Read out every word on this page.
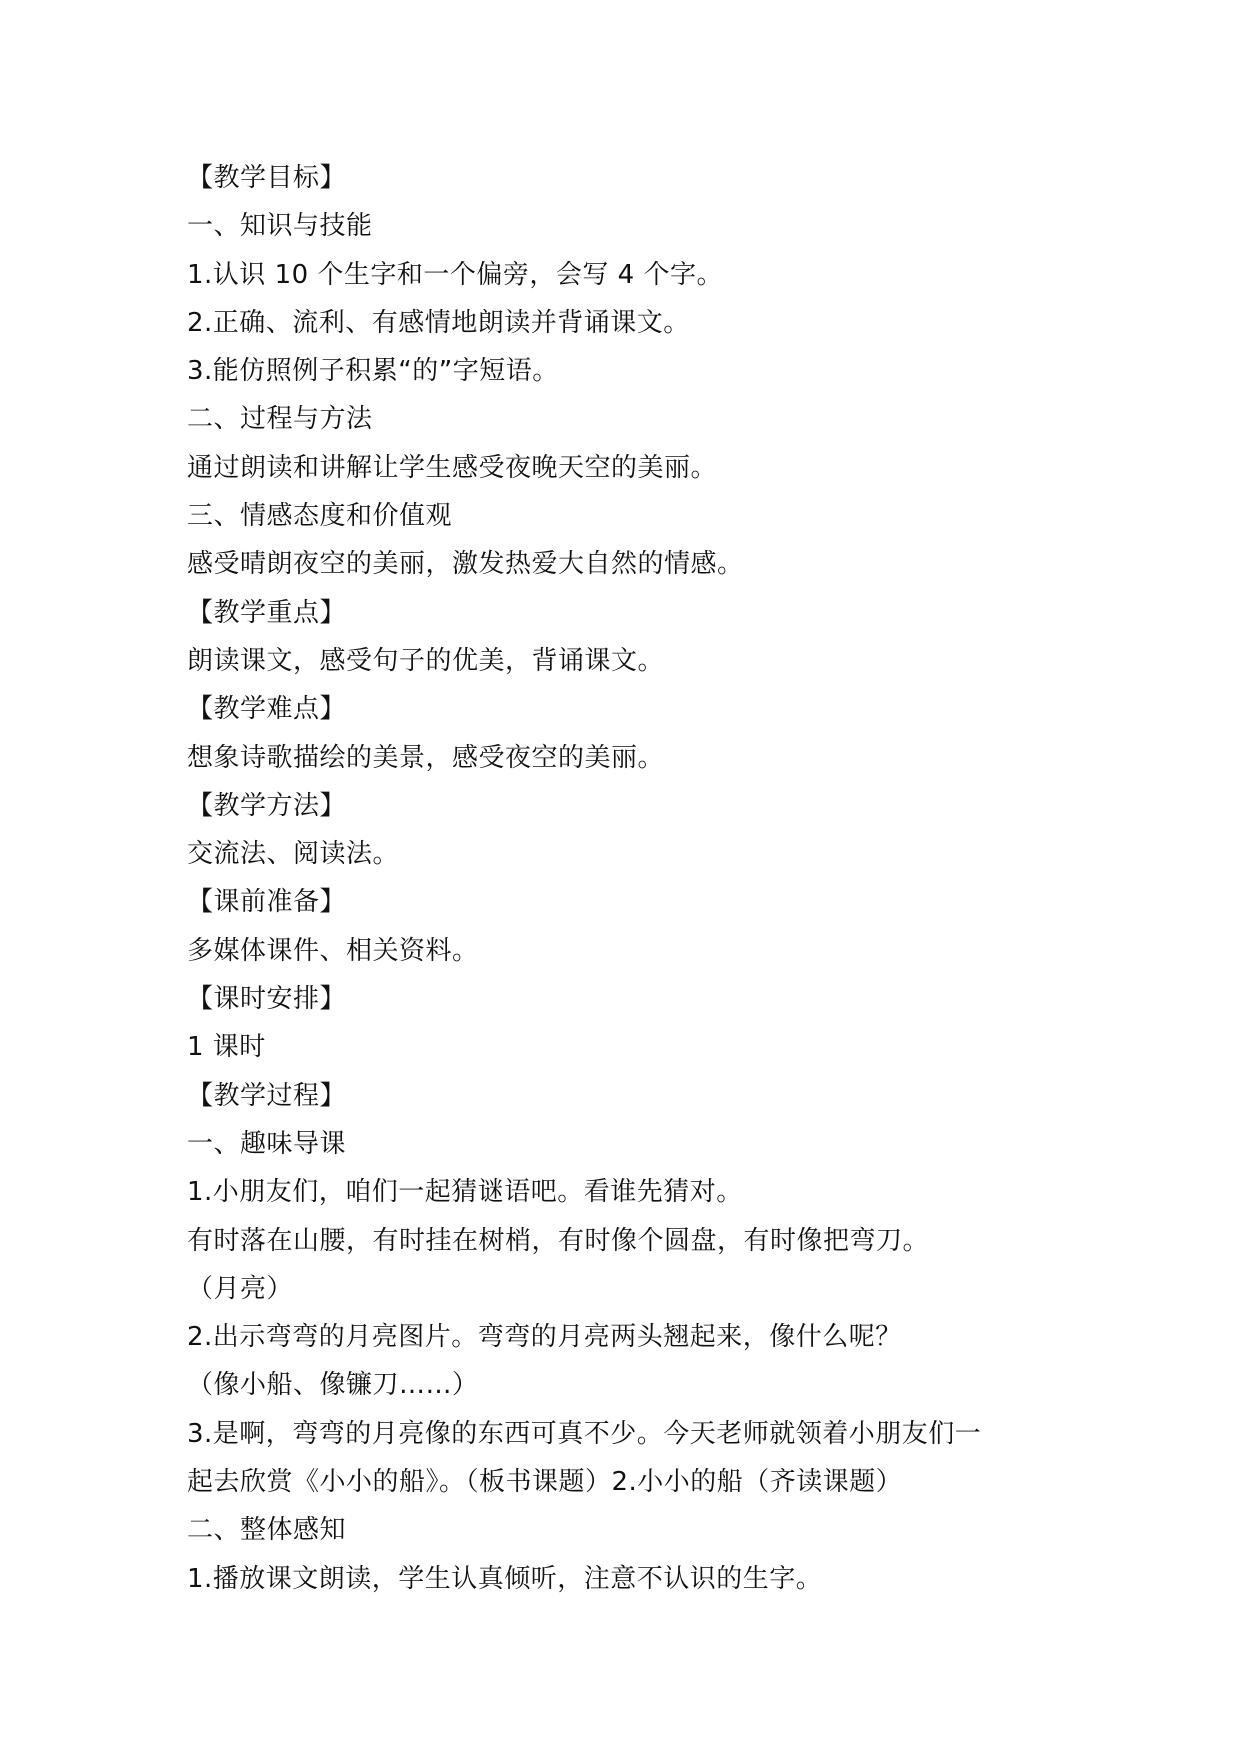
【教学目标】
一、知识与技能
1.认识 10 个生字和一个偏旁，会写 4 个字。
2.正确、流利、有感情地朗读并背诵课文。
3.能仿照例子积累“的”字短语。
二、过程与方法
通过朗读和讲解让学生感受夜晚天空的美丽。
三、情感态度和价值观
感受晴朗夜空的美丽，激发热爱大自然的情感。
【教学重点】
朗读课文，感受句子的优美，背诵课文。
【教学难点】
想象诗歌描绘的美景，感受夜空的美丽。
【教学方法】
交流法、阅读法。
【课前准备】
多媒体课件、相关资料。
【课时安排】
1 课时
【教学过程】
一、趣味导课
1.小朋友们，咱们一起猜谜语吧。看谁先猜对。
有时落在山腰，有时挂在树梢，有时像个圆盘，有时像把弯刀。
（月亮）
2.出示弯弯的月亮图片。弯弯的月亮两头翘起来，像什么呢？
（像小船、像镰刀……）
3.是啊，弯弯的月亮像的东西可真不少。今天老师就领着小朋友们一
起去欣赏《小小的船》。（板书课题）2.小小的船（齐读课题）
二、整体感知
1.播放课文朗读，学生认真倾听，注意不认识的生字。
